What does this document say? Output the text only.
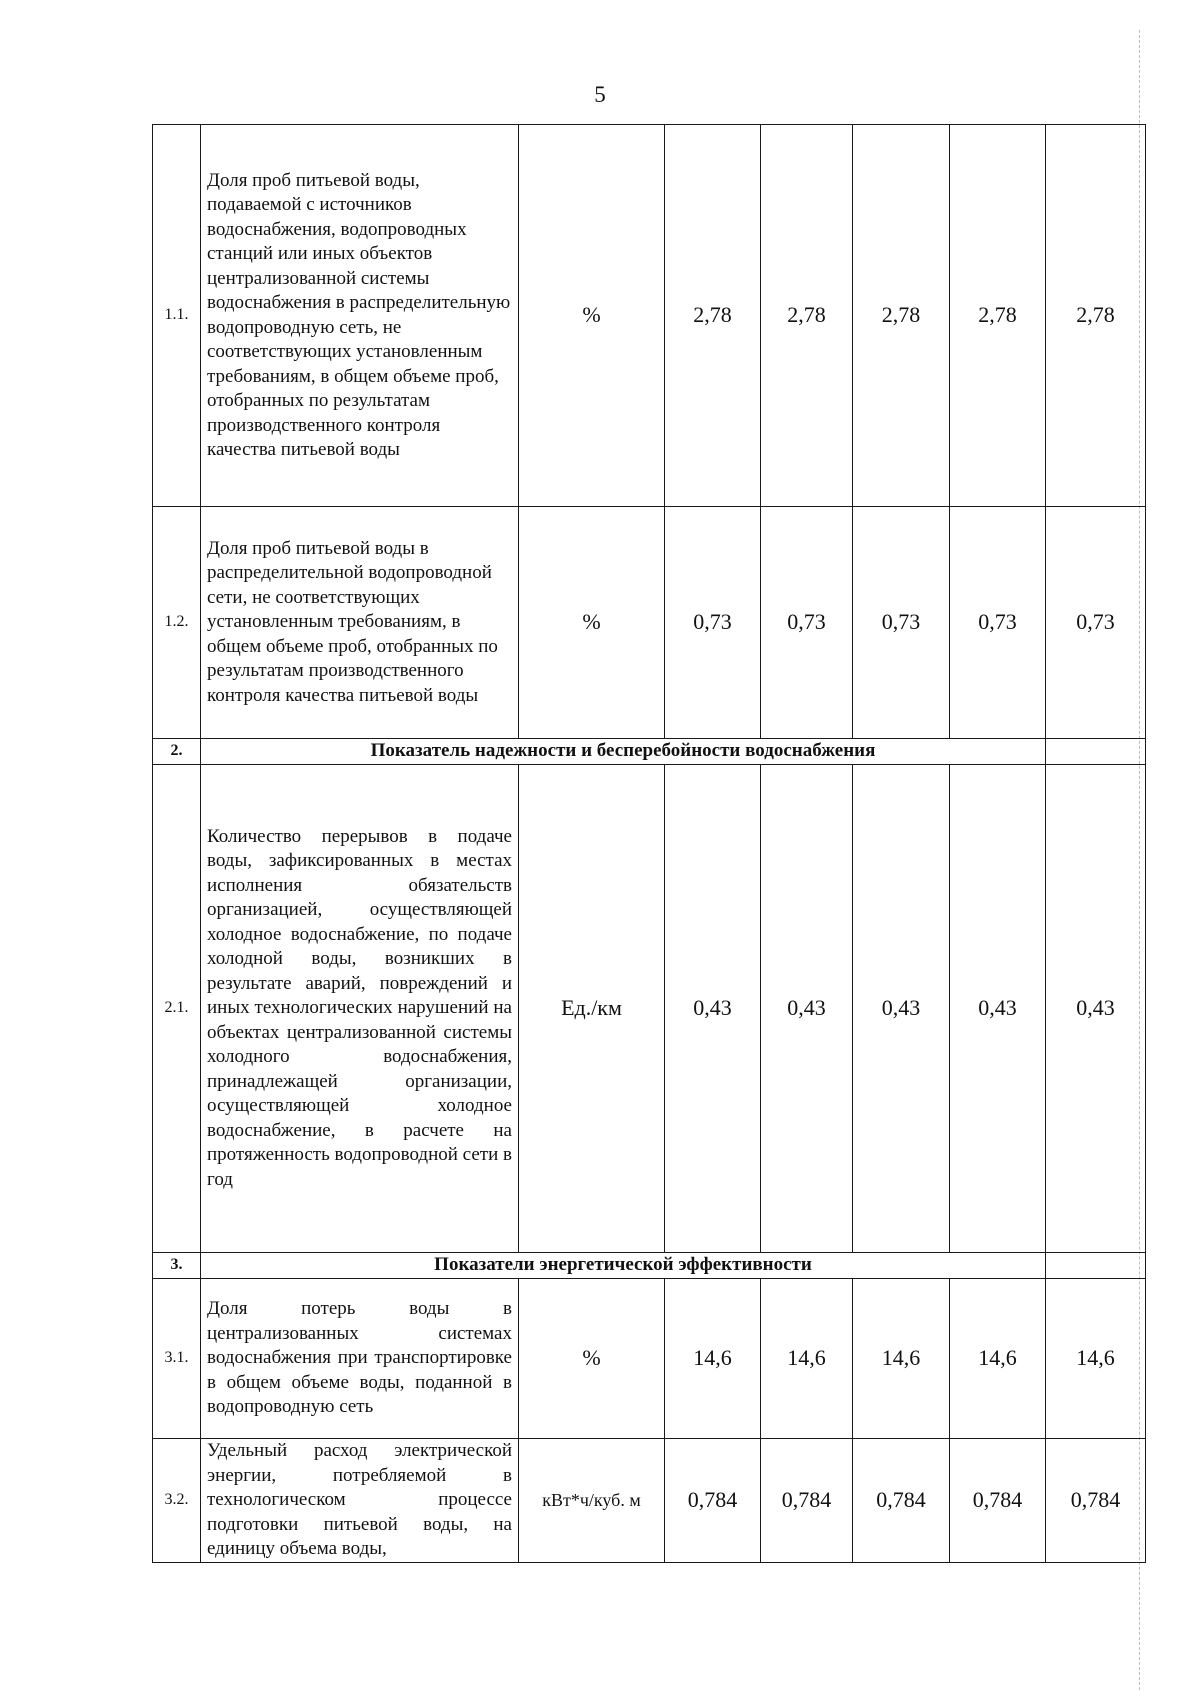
5
1.1.	Доля проб питьевой воды, подаваемой с источников водоснабжения, водопроводных станций или иных объектов централизованной системы водоснабжения в распределительную водопроводную сеть, не соответствующих установленным требованиям, в общем объеме проб, отобранных по результатам производственного контроля качества питьевой воды	%	2,78	2,78	2,78	2,78	2,78
1.2.	Доля проб питьевой воды в распределительной водопроводной сети, не соответствующих установленным требованиям, в общем объеме проб, отобранных по результатам производственного контроля качества питьевой воды	%	0,73	0,73	0,73	0,73	0,73
2.	Показатель надежности и бесперебойности водоснабжения						
2.1.	Количество перерывов в подаче воды, зафиксированных в местах исполнения обязательств организацией, осуществляющей холодное водоснабжение, по подаче холодной воды, возникших в результате аварий, повреждений и иных технологических нарушений на объектах централизованной системы холодного водоснабжения, принадлежащей организации, осуществляющей холодное водоснабжение, в расчете на протяженность водопроводной сети в год	Ед./км	0,43	0,43	0,43	0,43	0,43
3.	Показатели энергетической эффективности						
3.1.	Доля потерь воды в централизованных системах водоснабжения при транспортировке в общем объеме воды, поданной в водопроводную сеть	%	14,6	14,6	14,6	14,6	14,6
3.2.	Удельный расход электрической энергии, потребляемой в технологическом процессе подготовки питьевой воды, на единицу объема воды,	кВт*ч/куб. м	0,784	0,784	0,784	0,784	0,784
